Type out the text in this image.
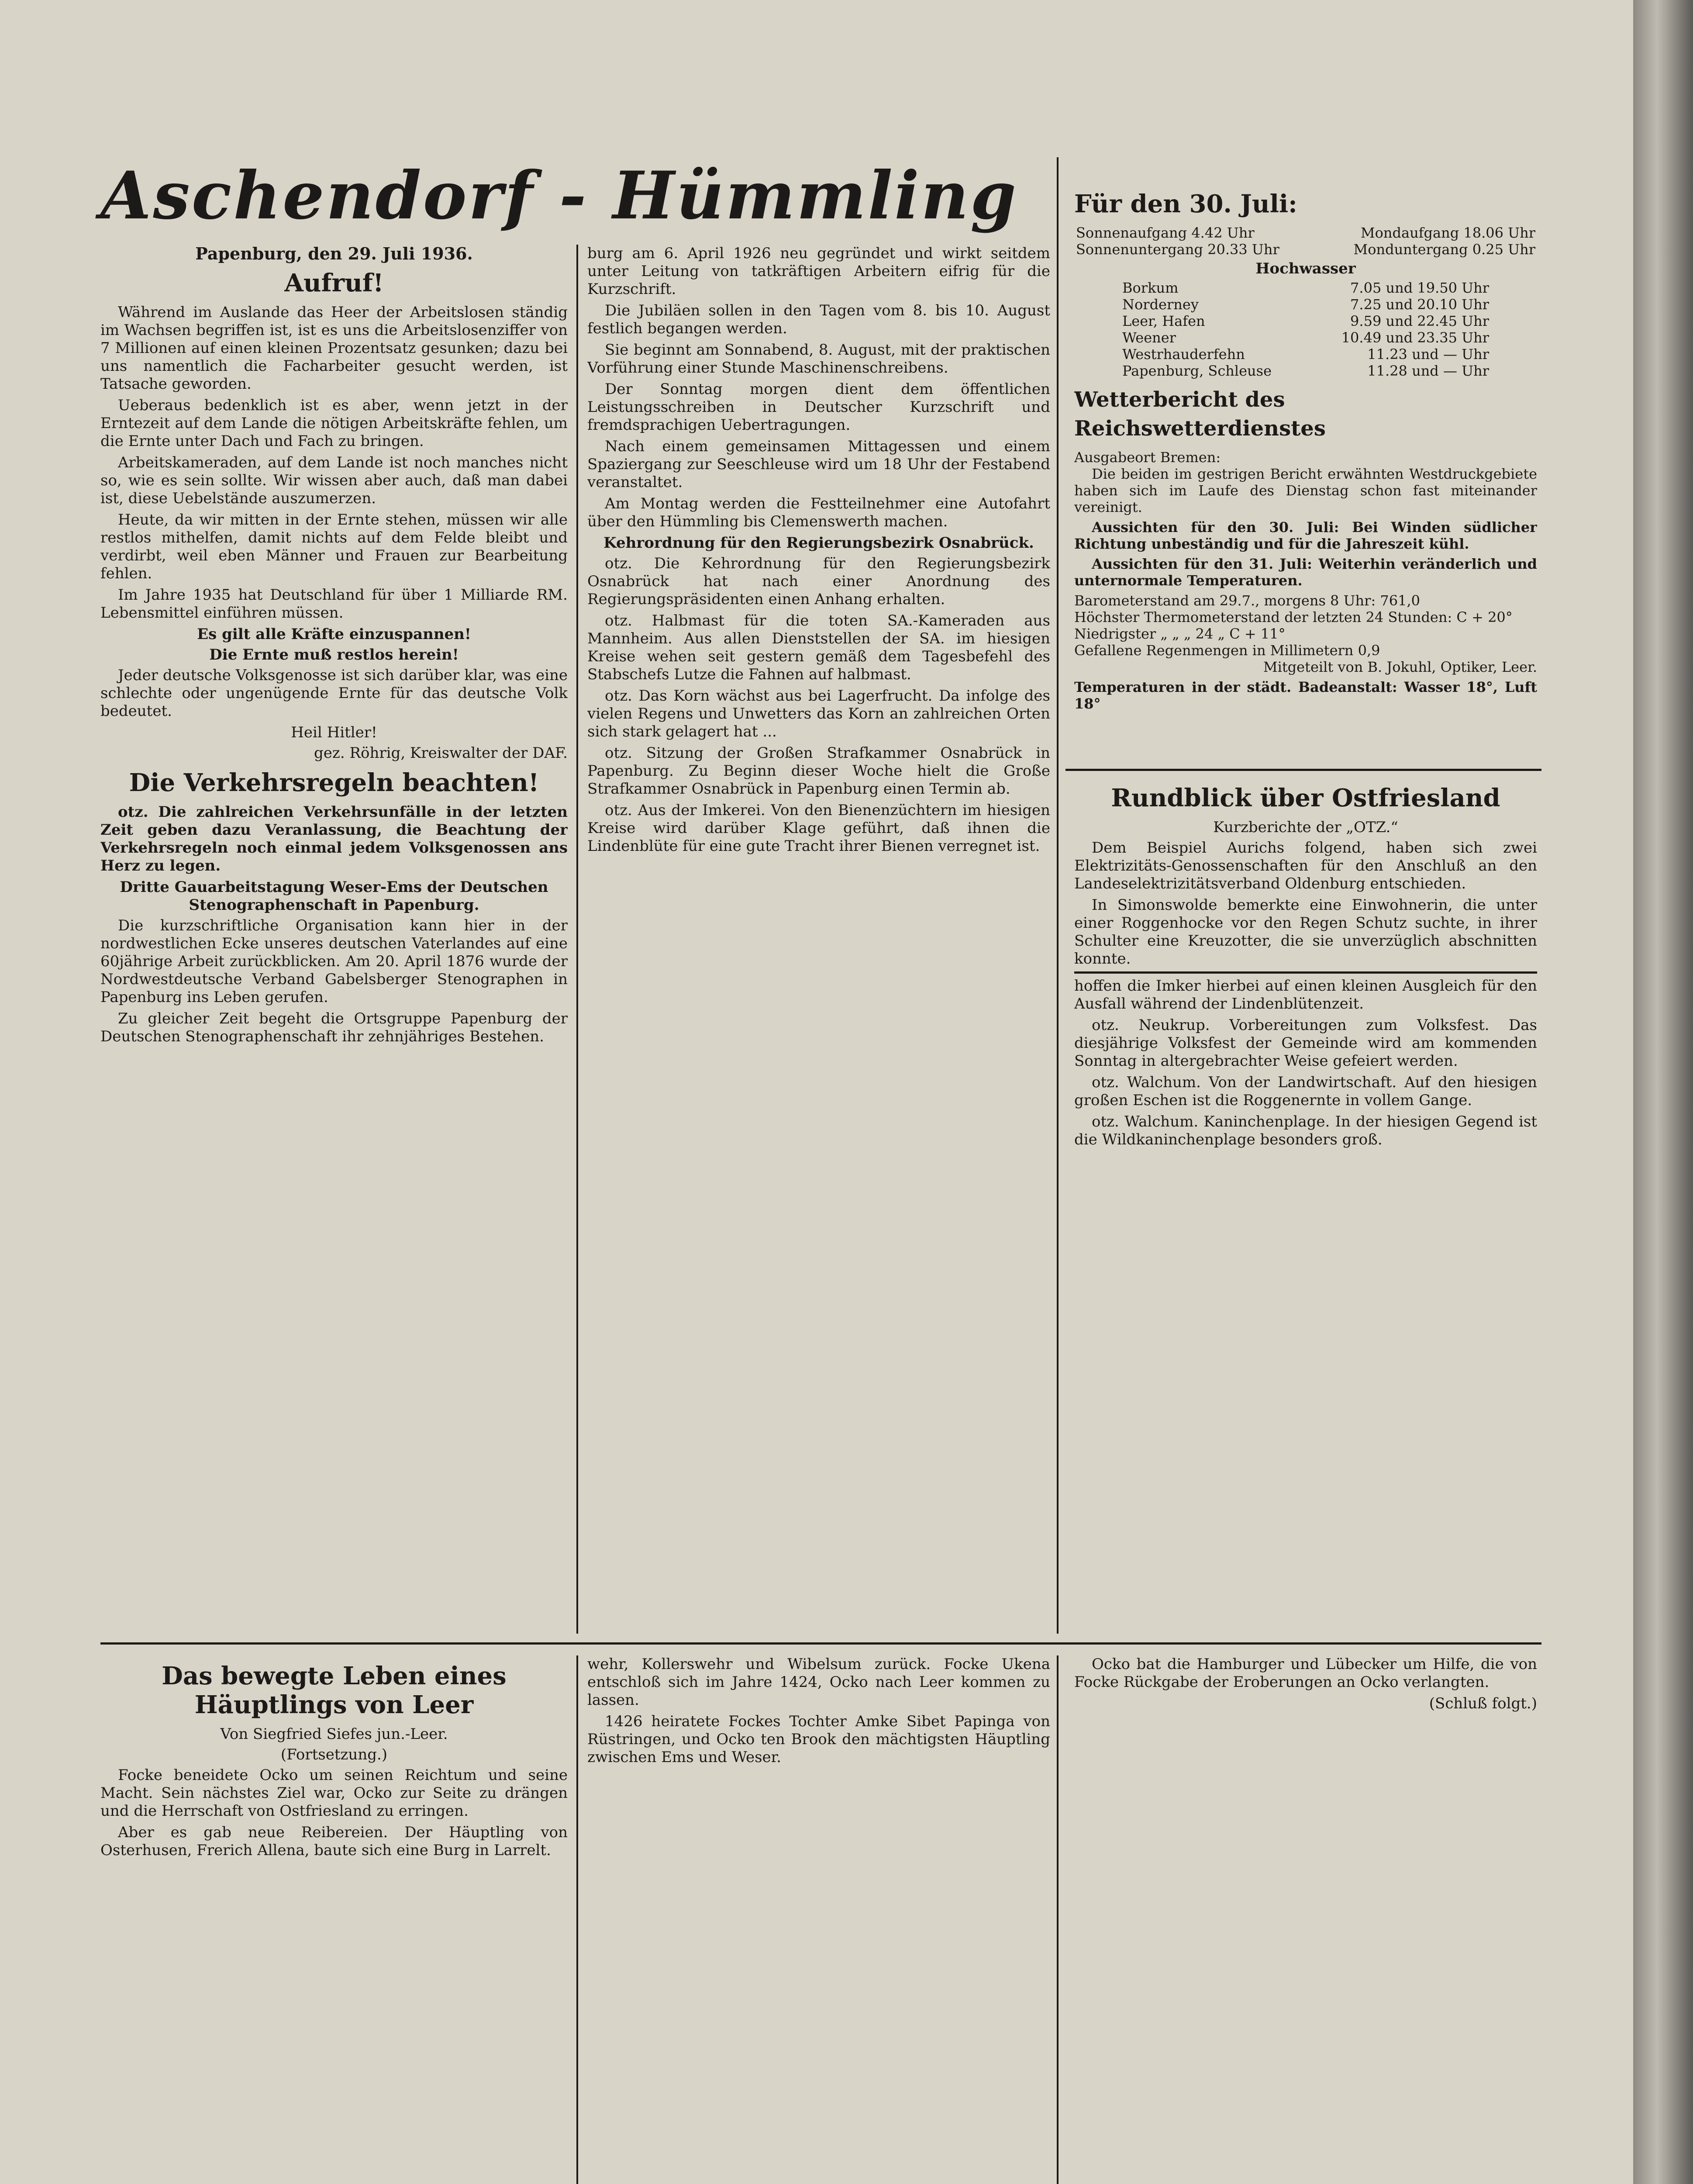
Aschendorf - Hümmling
Papenburg, den 29. Juli 1936.
Aufruf!

Während im Auslande das Heer der Arbeitslosen ständig im Wachsen begriffen ist, ist es uns die Arbeitslosenziffer von 7 Millionen auf einen kleinen Prozentsatz gesunken; dazu bei uns namentlich die Facharbeiter gesucht werden, ist Tatsache geworden.

Ueberaus bedenklich ist es aber, wenn jetzt in der Erntezeit auf dem Lande die nötigen Arbeitskräfte fehlen, um die Ernte unter Dach und Fach zu bringen.

Arbeitskameraden, auf dem Lande ist noch manches nicht so, wie es sein sollte. Wir wissen aber auch, daß man dabei ist, diese Uebelstände auszumerzen.

Heute, da wir mitten in der Ernte stehen, müssen wir alle restlos mithelfen, damit nichts auf dem Felde bleibt und verdirbt, weil eben Männer und Frauen zur Bearbeitung fehlen.

Im Jahre 1935 hat Deutschland für über 1 Milliarde RM. Lebensmittel einführen müssen.

Es gilt alle Kräfte einzuspannen!
Die Ernte muß restlos herein!

Jeder deutsche Volksgenosse ist sich darüber klar, was eine schlechte oder ungenügende Ernte für das deutsche Volk bedeutet.

Heil Hitler!
gez. Röhrig, Kreiswalter der DAF.
Die Verkehrsregeln beachten!

otz. Die zahlreichen Verkehrsunfälle in der letzten Zeit geben dazu Veranlassung, die Beachtung der Verkehrsregeln noch einmal jedem Volksgenossen ans Herz zu legen.

Dritte Gauarbeitstagung Weser-Ems der Deutschen Stenographenschaft in Papenburg.

Die kurzschriftliche Organisation kann hier in der nordwestlichen Ecke unseres deutschen Vaterlandes auf eine 60jährige Arbeit zurückblicken. Am 20. April 1876 wurde der Nordwestdeutsche Verband Gabelsberger Stenographen in Papenburg ins Leben gerufen.

Zu gleicher Zeit begeht die Ortsgruppe Papenburg der Deutschen Stenographenschaft ihr zehnjähriges Bestehen.

burg am 6. April 1926 neu gegründet und wirkt seitdem unter Leitung von tatkräftigen Arbeitern eifrig für die Kurzschrift.

Die Jubiläen sollen in den Tagen vom 8. bis 10. August festlich begangen werden.

Sie beginnt am Sonnabend, 8. August, mit der praktischen Vorführung einer Stunde Maschinenschreibens.

Der Sonntag morgen dient dem öffentlichen Leistungsschreiben in Deutscher Kurzschrift und fremdsprachigen Uebertragungen.

Nach einem gemeinsamen Mittagessen und einem Spaziergang zur Seeschleuse wird um 18 Uhr der Festabend veranstaltet.

Am Montag werden die Festteilnehmer eine Autofahrt über den Hümmling bis Clemenswerth machen.

Kehrordnung für den Regierungsbezirk Osnabrück.

otz. Die Kehrordnung für den Regierungsbezirk Osnabrück hat nach einer Anordnung des Regierungspräsidenten einen Anhang erhalten.

otz. Halbmast für die toten SA.-Kameraden aus Mannheim. Aus allen Dienststellen der SA. im hiesigen Kreise wehen seit gestern gemäß dem Tagesbefehl des Stabschefs Lutze die Fahnen auf halbmast.

otz. Das Korn wächst aus bei Lagerfrucht. Da infolge des vielen Regens und Unwetters das Korn an zahlreichen Orten sich stark gelagert hat ...

otz. Sitzung der Großen Strafkammer Osnabrück in Papenburg. Zu Beginn dieser Woche hielt die Große Strafkammer Osnabrück in Papenburg einen Termin ab.

otz. Aus der Imkerei. Von den Bienenzüchtern im hiesigen Kreise wird darüber Klage geführt, daß ihnen die Lindenblüte für eine gute Tracht ihrer Bienen verregnet ist.

Für den 30. Juli:
Sonnenaufgang 4.42 Uhr	Mondaufgang 18.06 Uhr
Sonnenuntergang 20.33 Uhr	Monduntergang 0.25 Uhr
Hochwasser
Borkum	7.05 und 19.50 Uhr
Norderney	7.25 und 20.10 Uhr
Leer, Hafen	9.59 und 22.45 Uhr
Weener	10.49 und 23.35 Uhr
Westrhauderfehn	11.23 und — Uhr
Papenburg, Schleuse	11.28 und — Uhr
Wetterbericht des Reichswetterdienstes
Ausgabeort Bremen:

Die beiden im gestrigen Bericht erwähnten Westdruckgebiete haben sich im Laufe des Dienstag schon fast miteinander vereinigt.

Aussichten für den 30. Juli: Bei Winden südlicher Richtung unbeständig und für die Jahreszeit kühl.

Aussichten für den 31. Juli: Weiterhin veränderlich und unternormale Temperaturen.

Barometerstand am 29.7., morgens 8 Uhr: 761,0
Höchster Thermometerstand der letzten 24 Stunden: C + 20°
Niedrigster „ „ „ 24 „ C + 11°
Gefallene Regenmengen in Millimetern 0,9
Mitgeteilt von B. Jokuhl, Optiker, Leer.
Temperaturen in der städt. Badeanstalt: Wasser 18°, Luft 18°
Rundblick über Ostfriesland
Kurzberichte der „OTZ.“

Dem Beispiel Aurichs folgend, haben sich zwei Elektrizitäts-Genossenschaften für den Anschluß an den Landeselektrizitätsverband Oldenburg entschieden.

In Simonswolde bemerkte eine Einwohnerin, die unter einer Roggenhocke vor den Regen Schutz suchte, in ihrer Schulter eine Kreuzotter, die sie unverzüglich abschnitten konnte.

hoffen die Imker hierbei auf einen kleinen Ausgleich für den Ausfall während der Lindenblütenzeit.

otz. Neukrup. Vorbereitungen zum Volksfest. Das diesjährige Volksfest der Gemeinde wird am kommenden Sonntag in altergebrachter Weise gefeiert werden.

otz. Walchum. Von der Landwirtschaft. Auf den hiesigen großen Eschen ist die Roggenernte in vollem Gange.

otz. Walchum. Kaninchenplage. In der hiesigen Gegend ist die Wildkaninchenplage besonders groß.

Das bewegte Leben eines Häuptlings von Leer
Von Siegfried Siefes jun.-Leer.
(Fortsetzung.)

Focke beneidete Ocko um seinen Reichtum und seine Macht. Sein nächstes Ziel war, Ocko zur Seite zu drängen und die Herrschaft von Ostfriesland zu erringen.

Aber es gab neue Reibereien. Der Häuptling von Osterhusen, Frerich Allena, baute sich eine Burg in Larrelt.

wehr, Kollerswehr und Wibelsum zurück. Focke Ukena entschloß sich im Jahre 1424, Ocko nach Leer kommen zu lassen.

1426 heiratete Fockes Tochter Amke Sibet Papinga von Rüstringen, und Ocko ten Brook den mächtigsten Häuptling zwischen Ems und Weser.

Ocko bat die Hamburger und Lübecker um Hilfe, die von Focke Rückgabe der Eroberungen an Ocko verlangten.

(Schluß folgt.)
